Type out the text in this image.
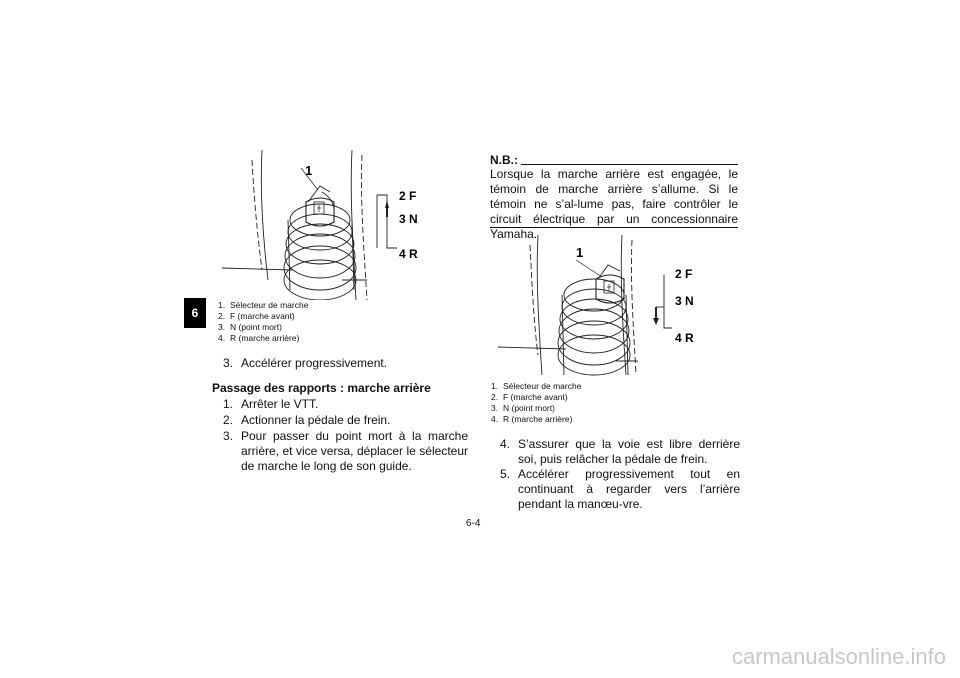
6
1
2 F
3 N
4 R
1. Sélecteur de marche
2. F (marche avant)
3. N (point mort)
4. R (marche arrière)
3. Accélérer progressivement.
Passage des rapports : marche arrière
1. Arrêter le VTT.
2. Actionner la pédale de frein.
3. Pour passer du point mort à la marche arrière, et vice versa, déplacer le sélecteur de marche le long de son guide.
N.B.:
Lorsque la marche arrière est engagée, le témoin de marche arrière s’allume. Si le témoin ne s’al-lume pas, faire contrôler le circuit électrique par un concessionnaire Yamaha.
1
2 F
3 N
4 R
1. Sélecteur de marche
2. F (marche avant)
3. N (point mort)
4. R (marche arrière)
4. S’assurer que la voie est libre derrière soi, puis relâcher la pédale de frein.
5. Accélérer progressivement tout en continuant à regarder vers l’arrière pendant la manœu-vre.
6-4
carmanualsonline.info
